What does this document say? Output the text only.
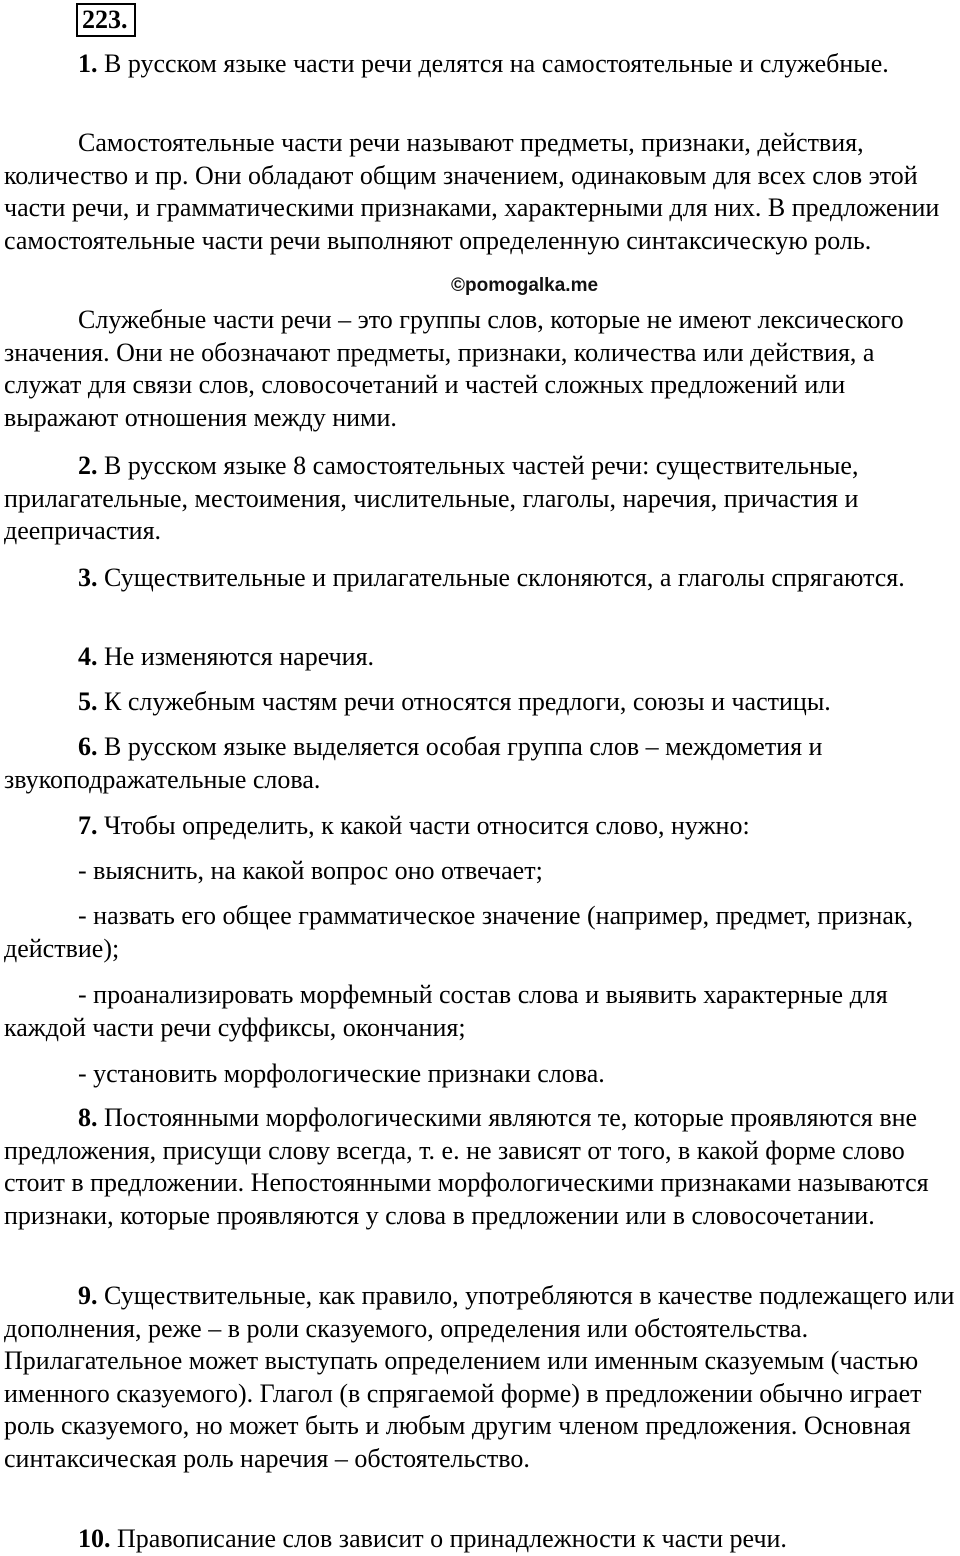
223.

1. В русском языке части речи делятся на самостоятельные и служебные.

Самостоятельные части речи называют предметы, признаки, действия, количество и пр. Они обладают общим значением, одинаковым для всех слов этой части речи, и грамматическими признаками, характерными для них. В предложении самостоятельные части речи выполняют определенную синтаксическую роль.

©pomogalka.me

Служебные части речи – это группы слов, которые не имеют лексического значения. Они не обозначают предметы, признаки, количества или действия, а служат для связи слов, словосочетаний и частей сложных предложений или выражают отношения между ними.

2. В русском языке 8 самостоятельных частей речи: существительные, прилагательные, местоимения, числительные, глаголы, наречия, причастия и деепричастия.

3. Существительные и прилагательные склоняются, а глаголы спрягаются.

4. Не изменяются наречия.

5. К служебным частям речи относятся предлоги, союзы и частицы.

6. В русском языке выделяется особая группа слов – междометия и звукоподражательные слова.

7. Чтобы определить, к какой части относится слово, нужно:

- выяснить, на какой вопрос оно отвечает;

- назвать его общее грамматическое значение (например, предмет, признак, действие);

- проанализировать морфемный состав слова и выявить характерные для каждой части речи суффиксы, окончания;

- установить морфологические признаки слова.

8. Постоянными морфологическими являются те, которые проявляются вне предложения, присущи слову всегда, т. е. не зависят от того, в какой форме слово стоит в предложении. Непостоянными морфологическими признаками называются признаки, которые проявляются у слова в предложении или в словосочетании.

9. Существительные, как правило, употребляются в качестве подлежащего или дополнения, реже – в роли сказуемого, определения или обстоятельства. Прилагательное может выступать определением или именным сказуемым (частью именного сказуемого). Глагол (в спрягаемой форме) в предложении обычно играет роль сказуемого, но может быть и любым другим членом предложения. Основная синтаксическая роль наречия – обстоятельство.

10. Правописание слов зависит о принадлежности к части речи.
